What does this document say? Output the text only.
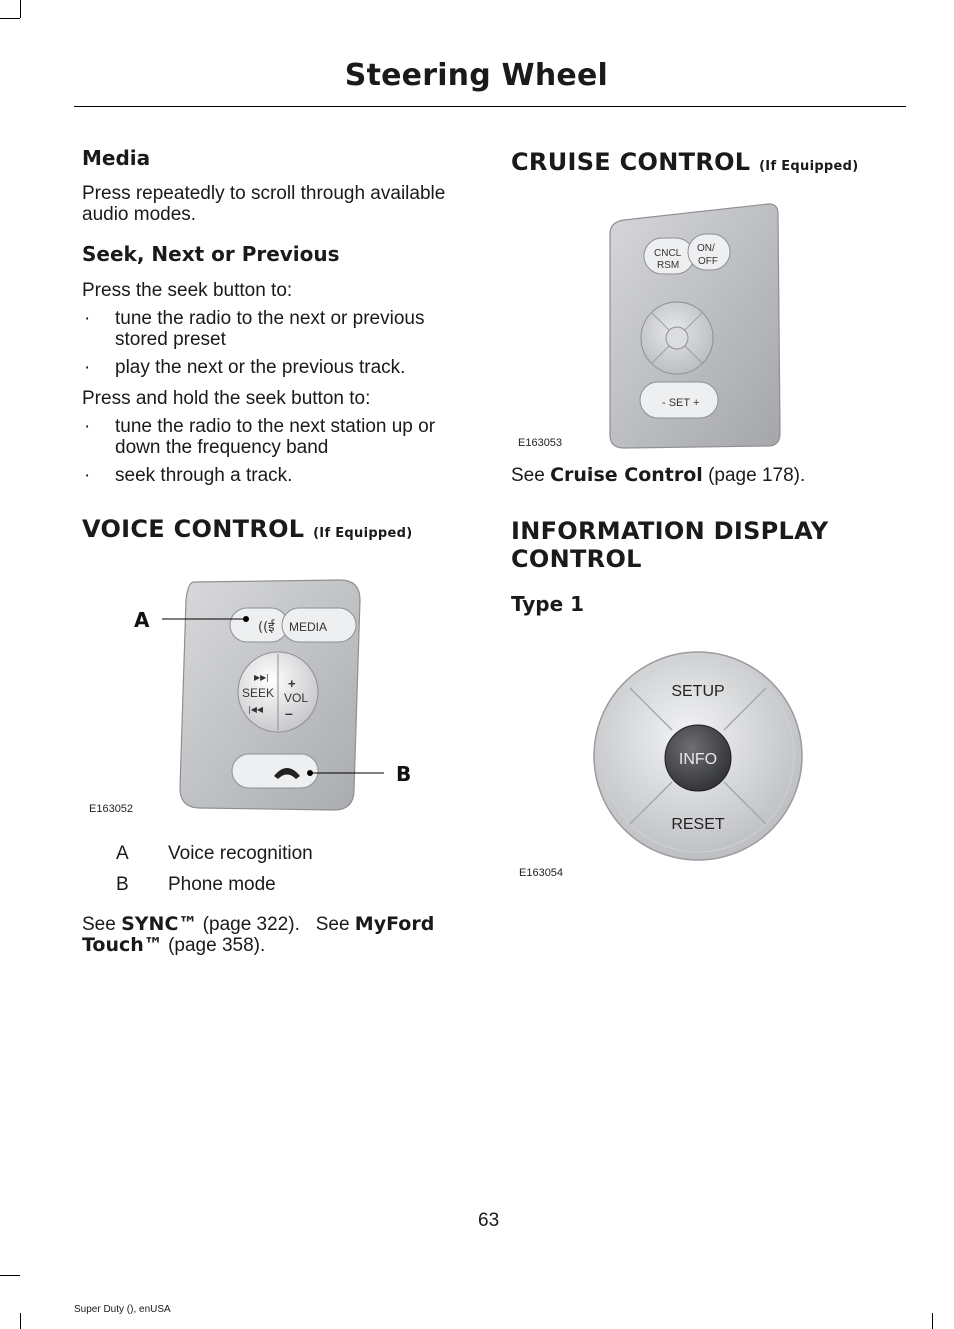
Steering Wheel
Media
Press repeatedly to scroll through available audio modes.
Seek, Next or Previous
Press the seek button to:
· tune the radio to the next or previous stored preset
· play the next or the previous track.
Press and hold the seek button to:
· tune the radio to the next station up or down the frequency band
· seek through a track.
VOICE CONTROL (If Equipped)
((ई MEDIA
▶▶|
SEEK
|◀◀
+
VOL
–
A
B
E163052
A Voice recognition
B Phone mode
See SYNC™ (page 322). See MyFord
Touch™ (page 358).
CRUISE CONTROL (If Equipped)
CNCL
RSM
ON/
OFF
- SET +
E163053
See Cruise Control (page 178).
INFORMATION DISPLAY
CONTROL
Type 1
SETUP
INFO
RESET
E163054
63
Super Duty (), enUSA
